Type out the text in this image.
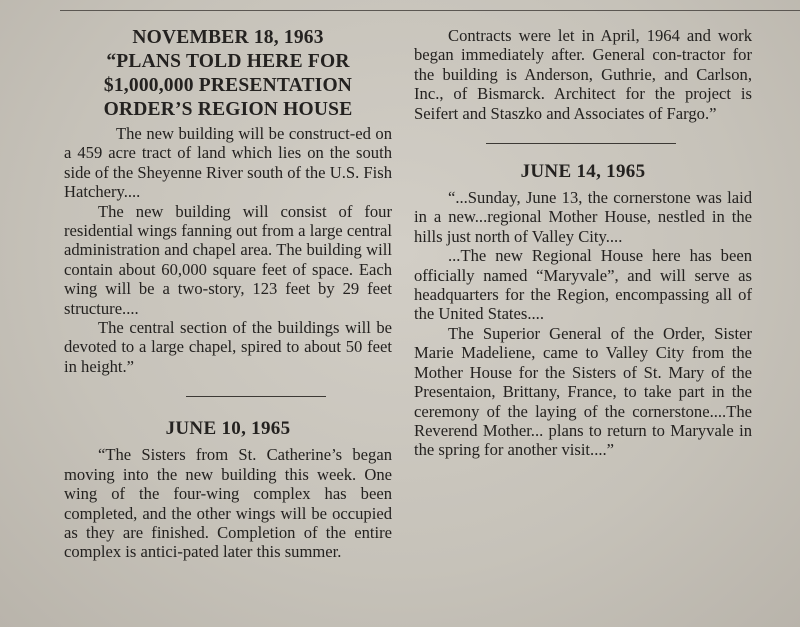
NOVEMBER 18, 1963
“PLANS TOLD HERE FOR
$1,000,000 PRESENTATION
ORDER’S REGION HOUSE

The new building will be construct-ed on a 459 acre tract of land which lies on the south side of the Sheyenne River south of the U.S. Fish Hatchery....

The new building will consist of four residential wings fanning out from a large central administration and chapel area. The building will contain about 60,000 square feet of space. Each wing will be a two-story, 123 feet by 29 feet structure....

The central section of the buildings will be devoted to a large chapel, spired to about 50 feet in height.”

JUNE 10, 1965

“The Sisters from St. Catherine’s began moving into the new building this week. One wing of the four-wing complex has been completed, and the other wings will be occupied as they are finished. Completion of the entire complex is antici-pated later this summer.

Contracts were let in April, 1964 and work began immediately after. General con-tractor for the building is Anderson, Guthrie, and Carlson, Inc., of Bismarck. Architect for the project is Seifert and Staszko and Associates of Fargo.”

JUNE 14, 1965

“...Sunday, June 13, the cornerstone was laid in a new...regional Mother House, nestled in the hills just north of Valley City....

...The new Regional House here has been officially named “Maryvale”, and will serve as headquarters for the Region, encompassing all of the United States....

The Superior General of the Order, Sister Marie Madeliene, came to Valley City from the Mother House for the Sisters of St. Mary of the Presentaion, Brittany, France, to take part in the ceremony of the laying of the cornerstone....The Reverend Mother... plans to return to Maryvale in the spring for another visit....”
